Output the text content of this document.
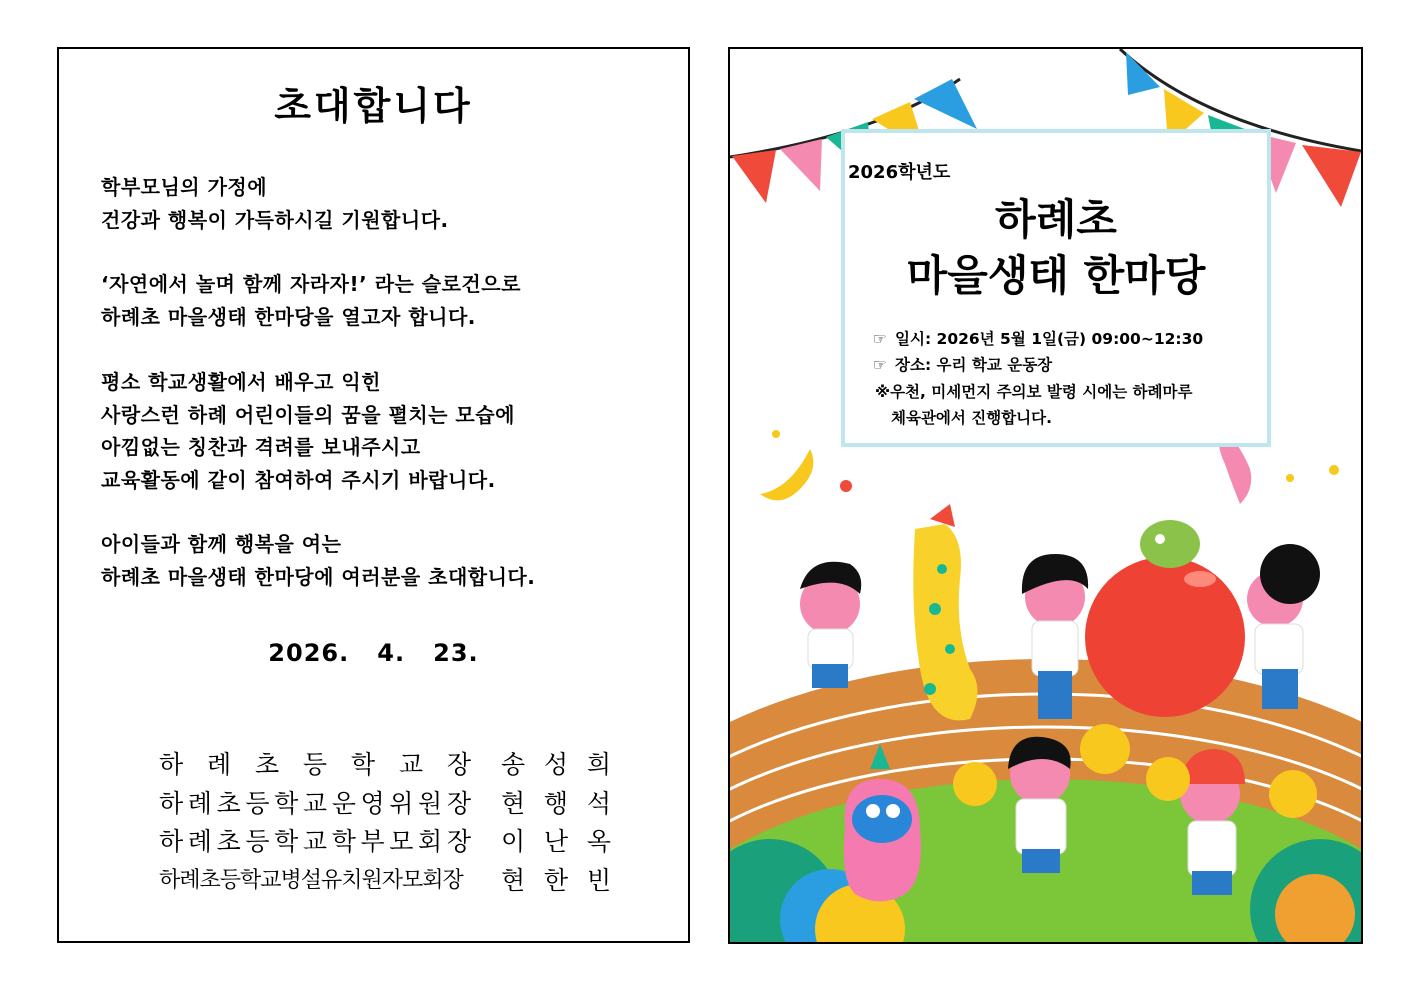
초대합니다
학부모님의 가정에
건강과 행복이 가득하시길 기원합니다.
‘자연에서 놀며 함께 자라자!’ 라는 슬로건으로
하례초 마을생태 한마당을 열고자 합니다.
평소 학교생활에서 배우고 익힌
사랑스런 하례 어린이들의 꿈을 펼치는 모습에
아낌없는 칭찬과 격려를 보내주시고
교육활동에 같이 참여하여 주시기 바랍니다.
아이들과 함께 행복을 여는
하례초 마을생태 한마당에 여러분을 초대합니다.
2026.   4.   23.
하 례 초 등 학 교 장 송 성 희
하 례 초 등 학 교 운 영 위 원 장 현 행 석
하 례 초 등 학 교 학 부 모 회 장 이 난 옥
하례초등학교병설유치원자모회장	현 한 빈
2026학년도
하례초
마을생태 한마당
☞ 일시: 2026년 5월 1일(금) 09:00~12:30
☞ 장소: 우리 학교 운동장
※우천, 미세먼지 주의보 발령 시에는 하례마루
체육관에서 진행합니다.
